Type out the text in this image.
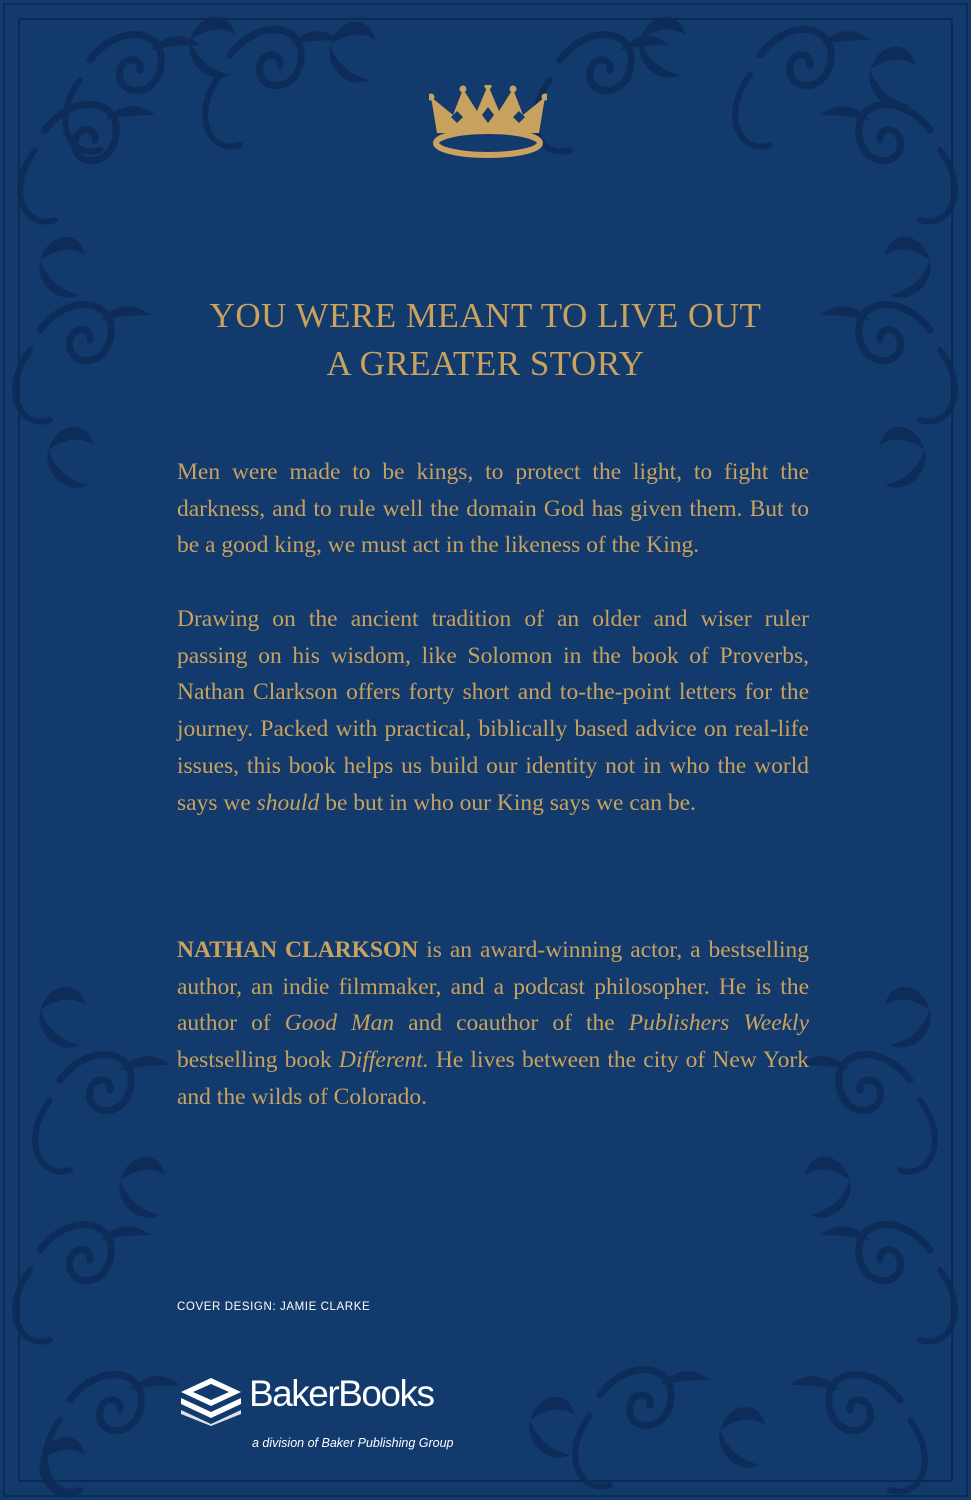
YOU WERE MEANT TO LIVE OUT
A GREATER STORY

Men were made to be kings, to protect the light, to fight the darkness, and to rule well the domain God has given them. But to be a good king, we must act in the likeness of the King.

Drawing on the ancient tradition of an older and wiser ruler passing on his wisdom, like Solomon in the book of Proverbs, Nathan Clarkson offers forty short and to-the-point letters for the journey. Packed with practical, biblically based advice on real-life issues, this book helps us build our identity not in who the world says we should be but in who our King says we can be.

NATHAN CLARKSON is an award-winning actor, a bestselling author, an indie filmmaker, and a podcast philosopher. He is the author of Good Man and coauthor of the Publishers Weekly bestselling book Different. He lives between the city of New York and the wilds of Colorado.

COVER DESIGN: JAMIE CLARKE
BakerBooks
a division of Baker Publishing Group
